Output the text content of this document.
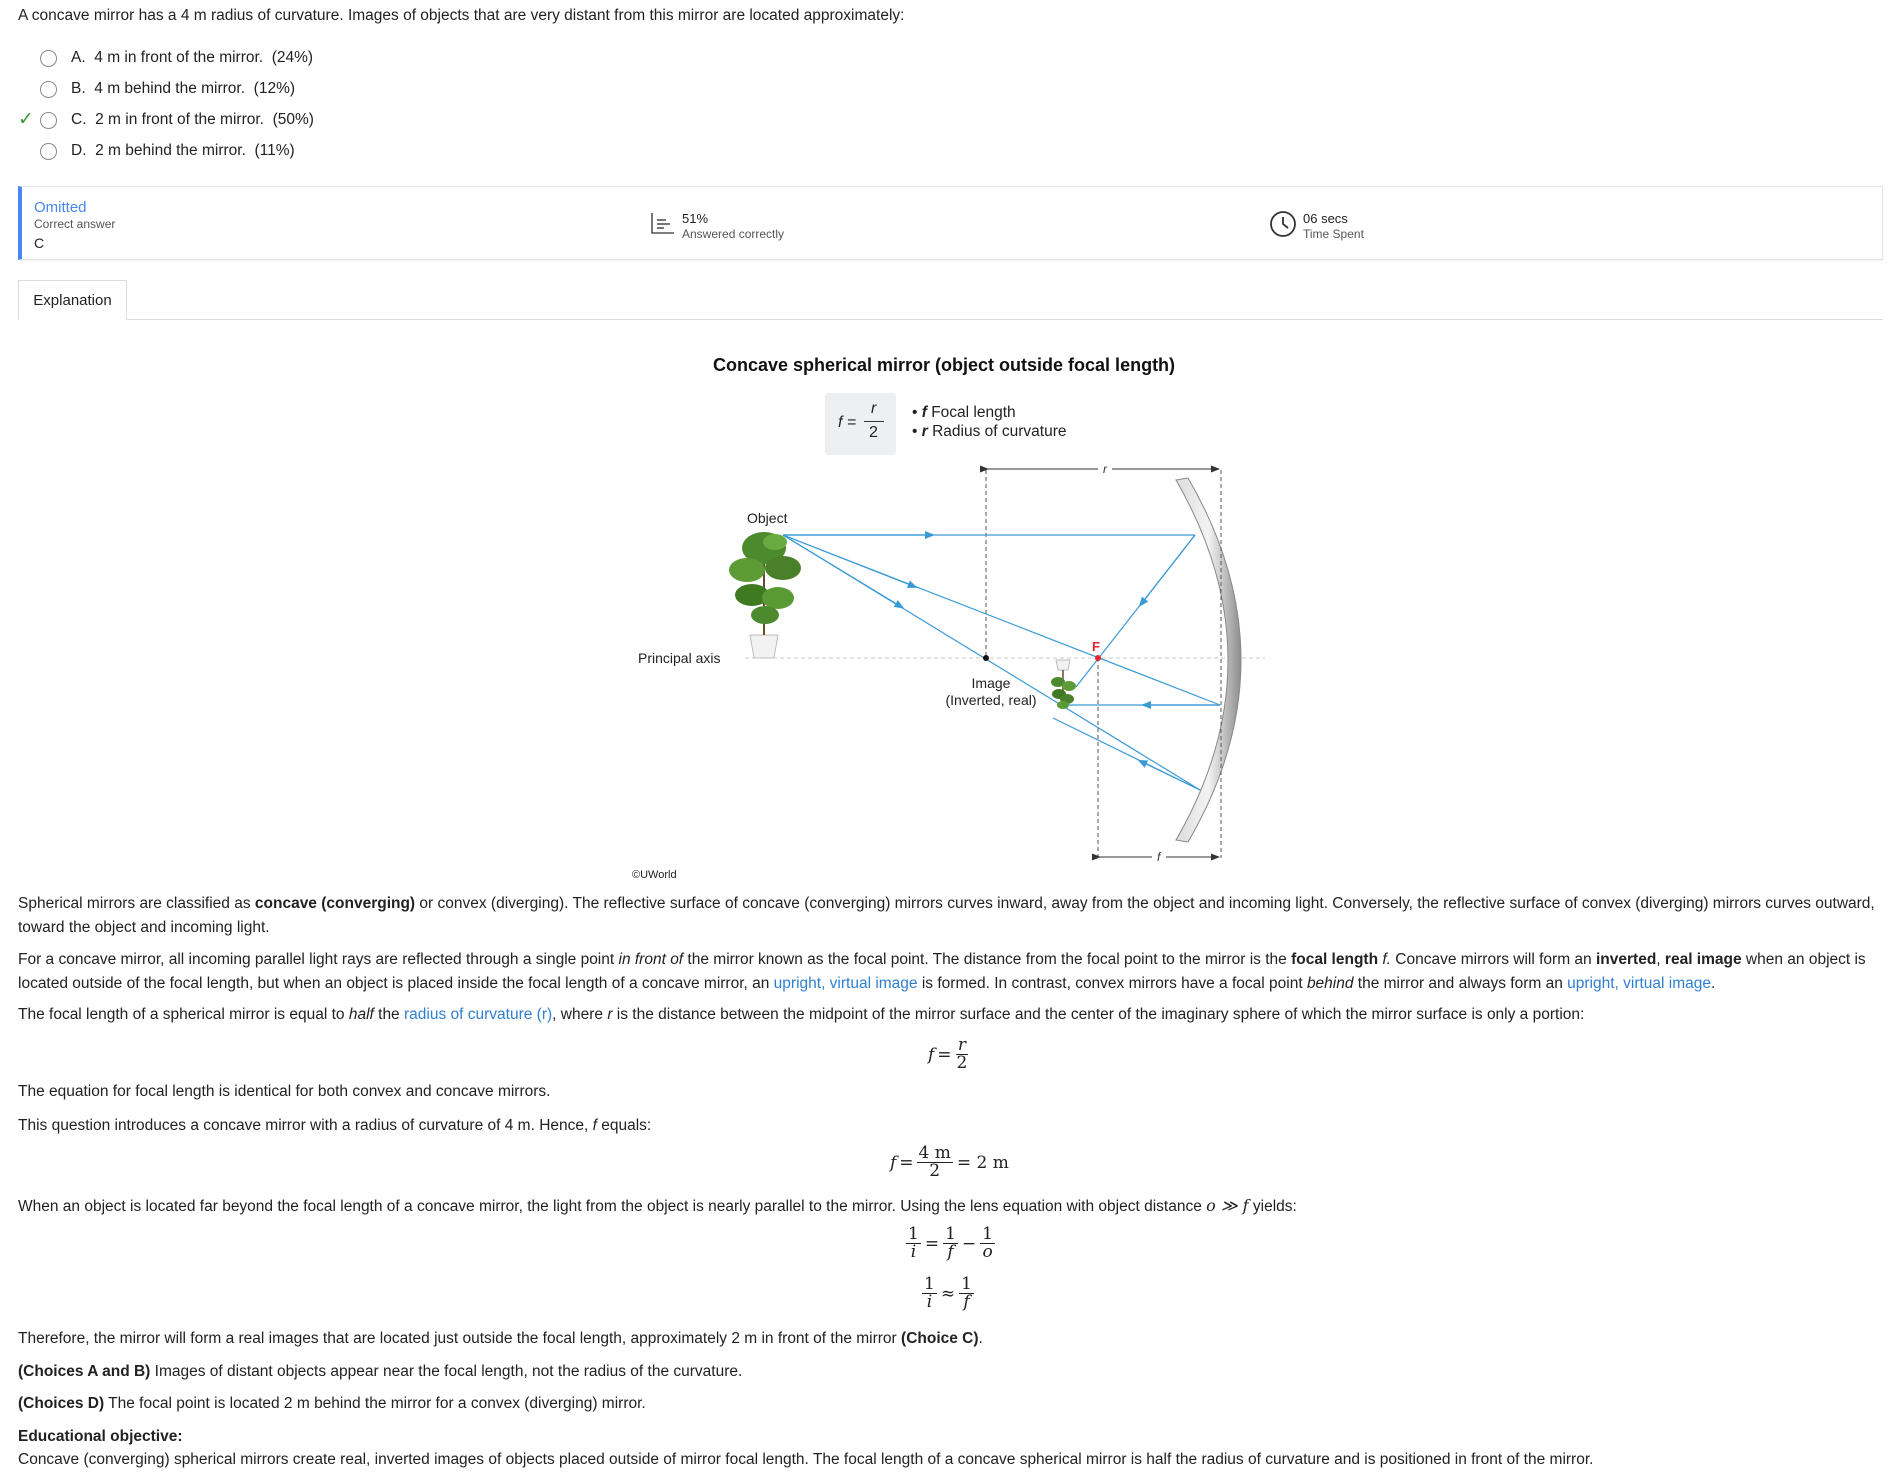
A concave mirror has a 4 m radius of curvature. Images of objects that are very distant from this mirror are located approximately:
A. 4 m in front of the mirror. (24%)
B. 4 m behind the mirror. (12%)
✓ C. 2 m in front of the mirror. (50%)
D. 2 m behind the mirror. (11%)
Omitted
Correct answer
C
51%
Answered correctly
06 secs
Time Spent
Explanation
Concave spherical mirror (object outside focal length)
f =
r
2
• f Focal length
• r Radius of curvature
r
f
F
Object
Principal axis
Image
(Inverted, real)
©UWorld
Spherical mirrors are classified as concave (converging) or convex (diverging). The reflective surface of concave (converging) mirrors curves inward, away from the object and incoming light. Conversely, the reflective surface of convex (diverging) mirrors curves outward, toward the object and incoming light.
For a concave mirror, all incoming parallel light rays are reflected through a single point in front of the mirror known as the focal point. The distance from the focal point to the mirror is the focal length f. Concave mirrors will form an inverted, real image when an object is located outside of the focal length, but when an object is placed inside the focal length of a concave mirror, an upright, virtual image is formed. In contrast, convex mirrors have a focal point behind the mirror and always form an upright, virtual image.
The focal length of a spherical mirror is equal to half the radius of curvature (r), where r is the distance between the midpoint of the mirror surface and the center of the imaginary sphere of which the mirror surface is only a portion:
$f = \frac{r}{2}$
The equation for focal length is identical for both convex and concave mirrors.
This question introduces a concave mirror with a radius of curvature of 4 m. Hence, f equals:
$f = \frac{4 m}{2} = 2$ m
When an object is located far beyond the focal length of a concave mirror, the light from the object is nearly parallel to the mirror. Using the lens equation with object distance o ≫ f yields:
$\frac{1}{i} = \frac{1}{f} - \frac{1}{o}$
$\frac{1}{i} \approx \frac{1}{f}$
Therefore, the mirror will form a real images that are located just outside the focal length, approximately 2 m in front of the mirror (Choice C).
(Choices A and B) Images of distant objects appear near the focal length, not the radius of the curvature.
(Choices D) The focal point is located 2 m behind the mirror for a convex (diverging) mirror.
Educational objective:
Concave (converging) spherical mirrors create real, inverted images of objects placed outside of mirror focal length. The focal length of a concave spherical mirror is half the radius of curvature and is positioned in front of the mirror.
